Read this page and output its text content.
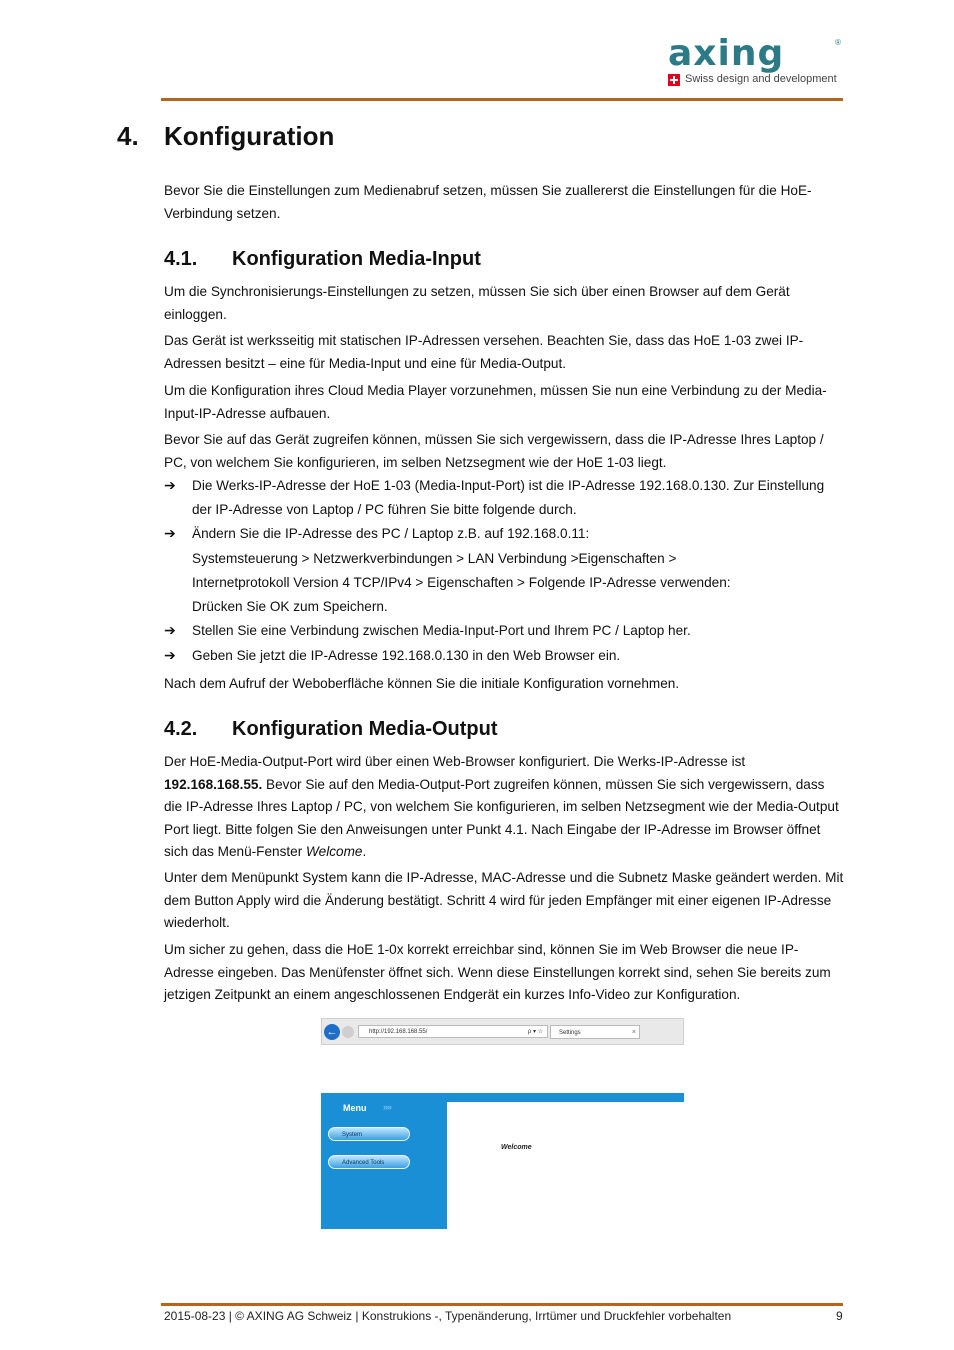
axing	®
Swiss design and development
4. Konfiguration

Bevor Sie die Einstellungen zum Medienabruf setzen, müssen Sie zuallererst die Einstellungen für die HoE-Verbindung setzen.

4.1. Konfiguration Media-Input

Um die Synchronisierungs-Einstellungen zu setzen, müssen Sie sich über einen Browser auf dem Gerät einloggen.

Das Gerät ist werksseitig mit statischen IP-Adressen versehen. Beachten Sie, dass das HoE 1-03 zwei IP-Adressen besitzt – eine für Media-Input und eine für Media-Output.

Um die Konfiguration ihres Cloud Media Player vorzunehmen, müssen Sie nun eine Verbindung zu der Media-Input-IP-Adresse aufbauen.

Bevor Sie auf das Gerät zugreifen können, müssen Sie sich vergewissern, dass die IP-Adresse Ihres Laptop / PC, von welchem Sie konfigurieren, im selben Netzsegment wie der HoE 1-03 liegt.

➔ Die Werks-IP-Adresse der HoE 1-03 (Media-Input-Port) ist die IP-Adresse 192.168.0.130. Zur Einstellung der IP-Adresse von Laptop / PC führen Sie bitte folgende durch.
➔ Ändern Sie die IP-Adresse des PC / Laptop z.B. auf 192.168.0.11:
Systemsteuerung > Netzwerkverbindungen > LAN Verbindung >Eigenschaften >
Internetprotokoll Version 4 TCP/IPv4 > Eigenschaften > Folgende IP-Adresse verwenden:
Drücken Sie OK zum Speichern.
➔ Stellen Sie eine Verbindung zwischen Media-Input-Port und Ihrem PC / Laptop her.
➔ Geben Sie jetzt die IP-Adresse 192.168.0.130 in den Web Browser ein.

Nach dem Aufruf der Weboberfläche können Sie die initiale Konfiguration vornehmen.

4.2. Konfiguration Media-Output

Der HoE-Media-Output-Port wird über einen Web-Browser konfiguriert. Die Werks-IP-Adresse ist 192.168.168.55. Bevor Sie auf den Media-Output-Port zugreifen können, müssen Sie sich vergewissern, dass die IP-Adresse Ihres Laptop / PC, von welchem Sie konfigurieren, im selben Netzsegment wie der Media-Output Port liegt. Bitte folgen Sie den Anweisungen unter Punkt 4.1. Nach Eingabe der IP-Adresse im Browser öffnet sich das Menü-Fenster Welcome.

Unter dem Menüpunkt System kann die IP-Adresse, MAC-Adresse und die Subnetz Maske geändert werden. Mit dem Button Apply wird die Änderung bestätigt. Schritt 4 wird für jeden Empfänger mit einer eigenen IP-Adresse wiederholt.

Um sicher zu gehen, dass die HoE 1-0x korrekt erreichbar sind, können Sie im Web Browser die neue IP-Adresse eingeben. Das Menüfenster öffnet sich. Wenn diese Einstellungen korrekt sind, sehen Sie bereits zum jetzigen Zeitpunkt an einem angeschlossenen Endgerät ein kurzes Info-Video zur Konfiguration.

←	http://192.168.168.55/	ρ ▾ ☆	Settings	×
Menu ››››
System
Advanced Tools
Welcome
2015-08-23 | © AXING AG Schweiz | Konstrukions -, Typenänderung, Irrtümer und Druckfehler vorbehalten	9
